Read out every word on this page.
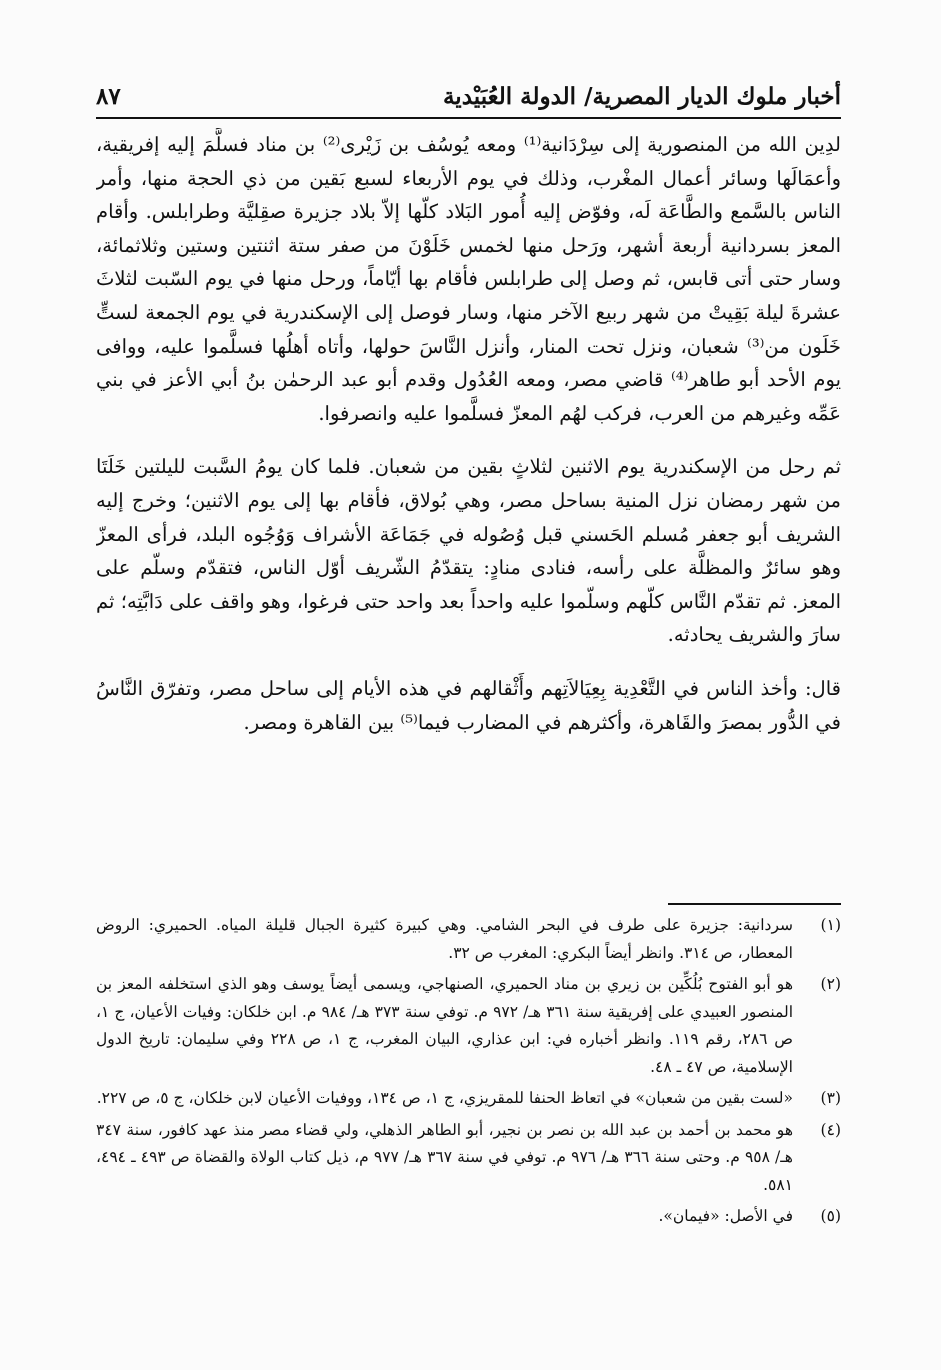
أخبار ملوك الديار المصرية/ الدولة العُبَيْدية
٨٧

لدِين الله من المنصورية إلى سِرْدَانية⁽¹⁾ ومعه يُوسُف بن زَيْرى⁽²⁾ بن مناد فسلَّمَ إليه إفريقية، وأعمَالَها وسائر أعمال المغْرب، وذلك في يوم الأربعاء لسبع بَقين من ذي الحجة منها، وأمر الناس بالسَّمع والطَّاعَة لَه، وفوّض إليه أُمور البَلاد كلّها إلاّ بلاد جزيرة صقِليَّة وطرابلس. وأقام المعز بسردانية أربعة أشهر، ورَحل منها لخمس خَلَوْنَ من صفر ستة اثنتين وستين وثلاثمائة، وسار حتى أتى قابس، ثم وصل إلى طرابلس فأقام بها أيّاماً، ورحل منها في يوم السّبت لثلاثَ عشرةَ ليلة بَقِيتْ من شهر ربيع الآخر منها، وسار فوصل إلى الإسكندرية في يوم الجمعة لستٍّ خَلَون من⁽³⁾ شعبان، ونزل تحت المنار، وأنزل النَّاسَ حولها، وأتاه أهلُها فسلَّموا عليه، ووافى يوم الأحد أبو طاهر⁽⁴⁾ قاضي مصر، ومعه العُدُول وقدم أبو عبد الرحمٰن بنُ أبي الأعز في بني عَمِّه وغيرهم من العرب، فركب لهُم المعزّ فسلَّموا عليه وانصرفوا.

ثم رحل من الإسكندرية يوم الاثنين لثلاثٍ بقين من شعبان. فلما كان يومُ السَّبت لليلتين خَلَتَا من شهر رمضان نزل المنية بساحل مصر، وهي بُولاق، فأقام بها إلى يوم الاثنين؛ وخرج إليه الشريف أبو جعفر مُسلم الحَسني قبل وُصُوله في جَمَاعَة الأشراف وَوُجُوه البلد، فرأى المعزّ وهو سائرٌ والمظلَّة على رأسه، فنادى منادٍ: يتقدّمُ الشّريف أوّل الناس، فتقدّم وسلّم على المعز. ثم تقدّم النَّاس كلّهم وسلّموا عليه واحداً بعد واحد حتى فرغوا، وهو واقف على دَابَّتِه؛ ثم سارَ والشريف يحادثه.

قال: وأخذ الناس في التَّعْدِية بِعِيَالاَتِهم وأَثْقالهم في هذه الأيام إلى ساحل مصر، وتفرّق النَّاسُ في الدُّور بمصرَ والقَاهرة، وأكثرهم في المضارب فيما⁽⁵⁾ بين القاهرة ومصر.

(١)
سردانية: جزيرة على طرف في البحر الشامي. وهي كبيرة كثيرة الجبال قليلة المياه. الحميري: الروض المعطار، ص ٣١٤. وانظر أيضاً البكري: المغرب ص ٣٢.
(٢)
هو أبو الفتوح بُلُكِّين بن زيري بن مناد الحميري، الصنهاجي، ويسمى أيضاً يوسف وهو الذي استخلفه المعز بن المنصور العبيدي على إفريقية سنة ٣٦١ هـ/ ٩٧٢ م. توفي سنة ٣٧٣ هـ/ ٩٨٤ م. ابن خلكان: وفيات الأعيان، ج ١، ص ٢٨٦، رقم ١١٩. وانظر أخباره في: ابن عذاري، البيان المغرب، ج ١، ص ٢٢٨ وفي سليمان: تاريخ الدول الإسلامية، ص ٤٧ ـ ٤٨.
(٣)
«لست بقين من شعبان» في اتعاظ الحنفا للمقريزي، ج ١، ص ١٣٤، ووفيات الأعيان لابن خلكان، ج ٥، ص ٢٢٧.
(٤)
هو محمد بن أحمد بن عبد الله بن نصر بن نجير، أبو الطاهر الذهلي، ولي قضاء مصر منذ عهد كافور، سنة ٣٤٧ هـ/ ٩٥٨ م. وحتى سنة ٣٦٦ هـ/ ٩٧٦ م. توفي في سنة ٣٦٧ هـ/ ٩٧٧ م، ذيل كتاب الولاة والقضاة ص ٤٩٣ ـ ٤٩٤، ٥٨١.
(٥)
في الأصل: «فيمان».
